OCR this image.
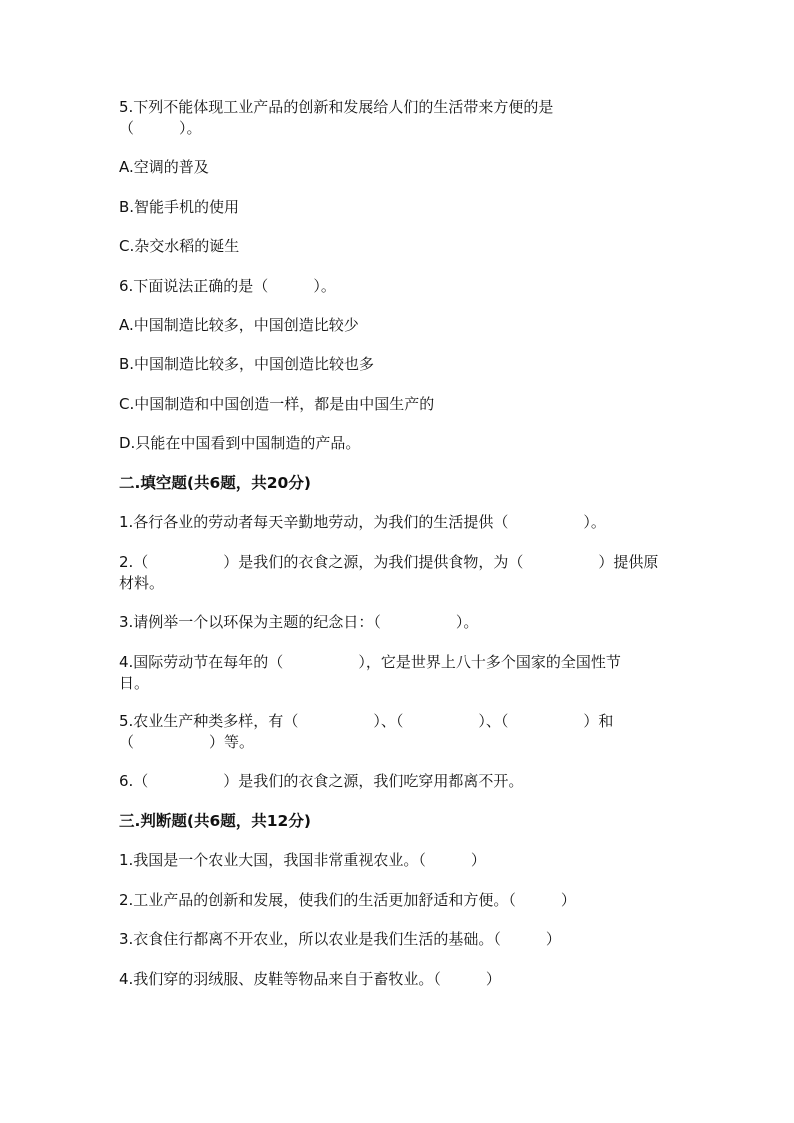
5.下列不能体现工业产品的创新和发展给人们的生活带来方便的是
（　　　）。
A.空调的普及
B.智能手机的使用
C.杂交水稻的诞生
6.下面说法正确的是（　　　）。
A.中国制造比较多，中国创造比较少
B.中国制造比较多，中国创造比较也多
C.中国制造和中国创造一样，都是由中国生产的
D.只能在中国看到中国制造的产品。
二.填空题(共6题，共20分)
1.各行各业的劳动者每天辛勤地劳动，为我们的生活提供（　　　　　）。
2.（　　　　　）是我们的衣食之源，为我们提供食物，为（　　　　　）提供原
材料。
3.请例举一个以环保为主题的纪念日：（　　　　　）。
4.国际劳动节在每年的（　　　　　），它是世界上八十多个国家的全国性节
日。
5.农业生产种类多样，有（　　　　　）、（　　　　　）、（　　　　　）和
（　　　　　）等。
6.（　　　　　）是我们的衣食之源，我们吃穿用都离不开。
三.判断题(共6题，共12分)
1.我国是一个农业大国，我国非常重视农业。（　　　）
2.工业产品的创新和发展，使我们的生活更加舒适和方便。（　　　）
3.衣食住行都离不开农业，所以农业是我们生活的基础。（　　　）
4.我们穿的羽绒服、皮鞋等物品来自于畜牧业。（　　　）
